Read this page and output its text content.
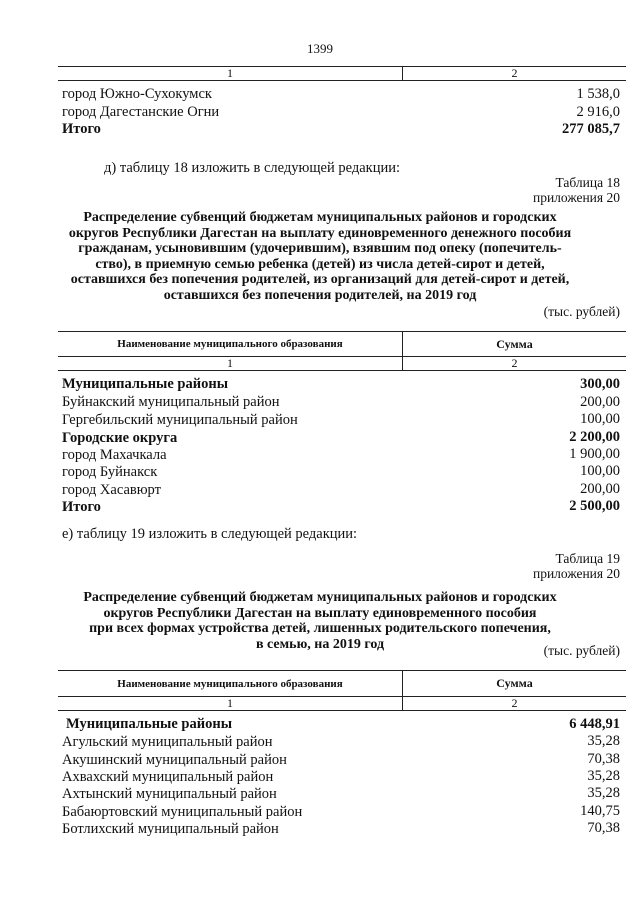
1399
1	2
город Южно-Сухокумск	1 538,0
город Дагестанские Огни	2 916,0
Итого	277 085,7
д) таблицу 18 изложить в следующей редакции:
Таблица 18
приложения 20
Распределение субвенций бюджетам муниципальных районов и городских
округов Республики Дагестан на выплату единовременного денежного пособия
гражданам, усыновившим (удочерившим), взявшим под опеку (попечитель-
ство), в приемную семью ребенка (детей) из числа детей-сирот и детей,
оставшихся без попечения родителей, из организаций для детей-сирот и детей,
оставшихся без попечения родителей, на 2019 год
(тыс. рублей)
Наименование муниципального образования	Сумма
1	2
Муниципальные районы	300,00
Буйнакский муниципальный район	200,00
Гергебильский муниципальный район	100,00
Городские округа	2 200,00
город Махачкала	1 900,00
город Буйнакск	100,00
город Хасавюрт	200,00
Итого	2 500,00
е) таблицу 19 изложить в следующей редакции:
Таблица 19
приложения 20
Распределение субвенций бюджетам муниципальных районов и городских
округов Республики Дагестан на выплату единовременного пособия
при всех формах устройства детей, лишенных родительского попечения,
в семью, на 2019 год	(тыс. рублей)
Наименование муниципального образования	Сумма
1	2
Муниципальные районы	6 448,91
Агульский муниципальный район	35,28
Акушинский муниципальный район	70,38
Ахвахский муниципальный район	35,28
Ахтынский муниципальный район	35,28
Бабаюртовский муниципальный район	140,75
Ботлихский муниципальный район	70,38
